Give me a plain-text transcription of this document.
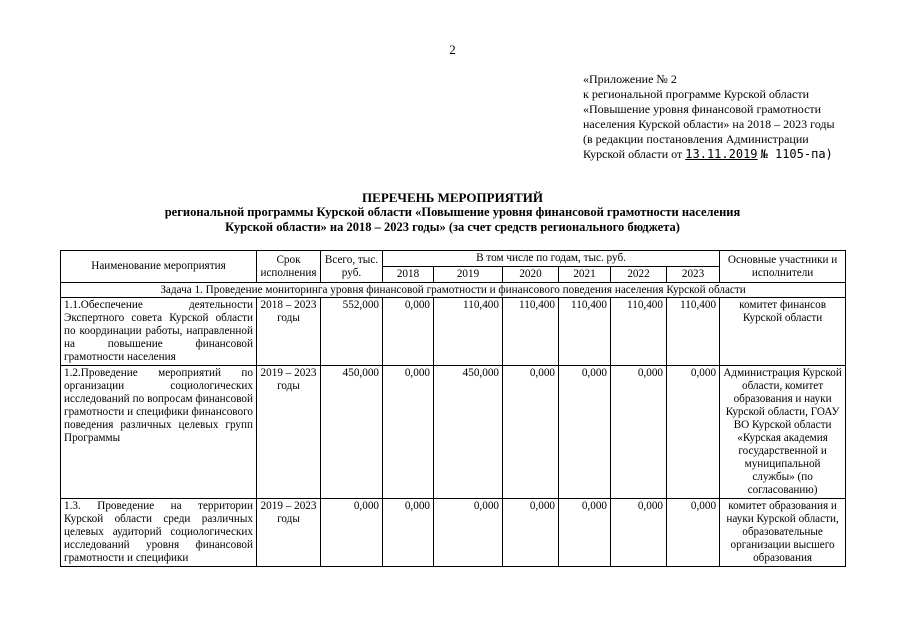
2
«Приложение № 2
к региональной программе Курской области
«Повышение уровня финансовой грамотности
населения Курской области» на 2018 – 2023 годы
(в редакции постановления Администрации
Курской области от 13.11.2019 № 1105-па)
ПЕРЕЧЕНЬ МЕРОПРИЯТИЙ
региональной программы Курской области «Повышение уровня финансовой грамотности населения
Курской области» на 2018 – 2023 годы» (за счет средств регионального бюджета)
Наименование мероприятия	Срок исполнения	Всего, тыс. руб.	В том числе по годам, тыс. руб.						Основные участники и исполнители
			2018	2019	2020	2021	2022	2023	
Задача 1. Проведение мониторинга уровня финансовой грамотности и финансового поведения населения Курской области									
1.1.Обеспечение деятельности Экспертного совета Курской области по координации работы, направленной на повышение финансовой грамотности населения	2018 – 2023 годы	552,000	0,000	110,400	110,400	110,400	110,400	110,400	комитет финансов Курской области
1.2.Проведение мероприятий по организации социологических исследований по вопросам финансовой грамотности и специфики финансового поведения различных целевых групп Программы	2019 – 2023 годы	450,000	0,000	450,000	0,000	0,000	0,000	0,000	Администрация Курской области, комитет образования и науки Курской области, ГОАУ ВО Курской области «Курская академия государственной и муниципальной службы» (по согласованию)
1.3. Проведение на территории Курской области среди различных целевых аудиторий социологических исследований уровня финансовой грамотности и специфики	2019 – 2023 годы	0,000	0,000	0,000	0,000	0,000	0,000	0,000	комитет образования и науки Курской области, образовательные организации высшего образования
